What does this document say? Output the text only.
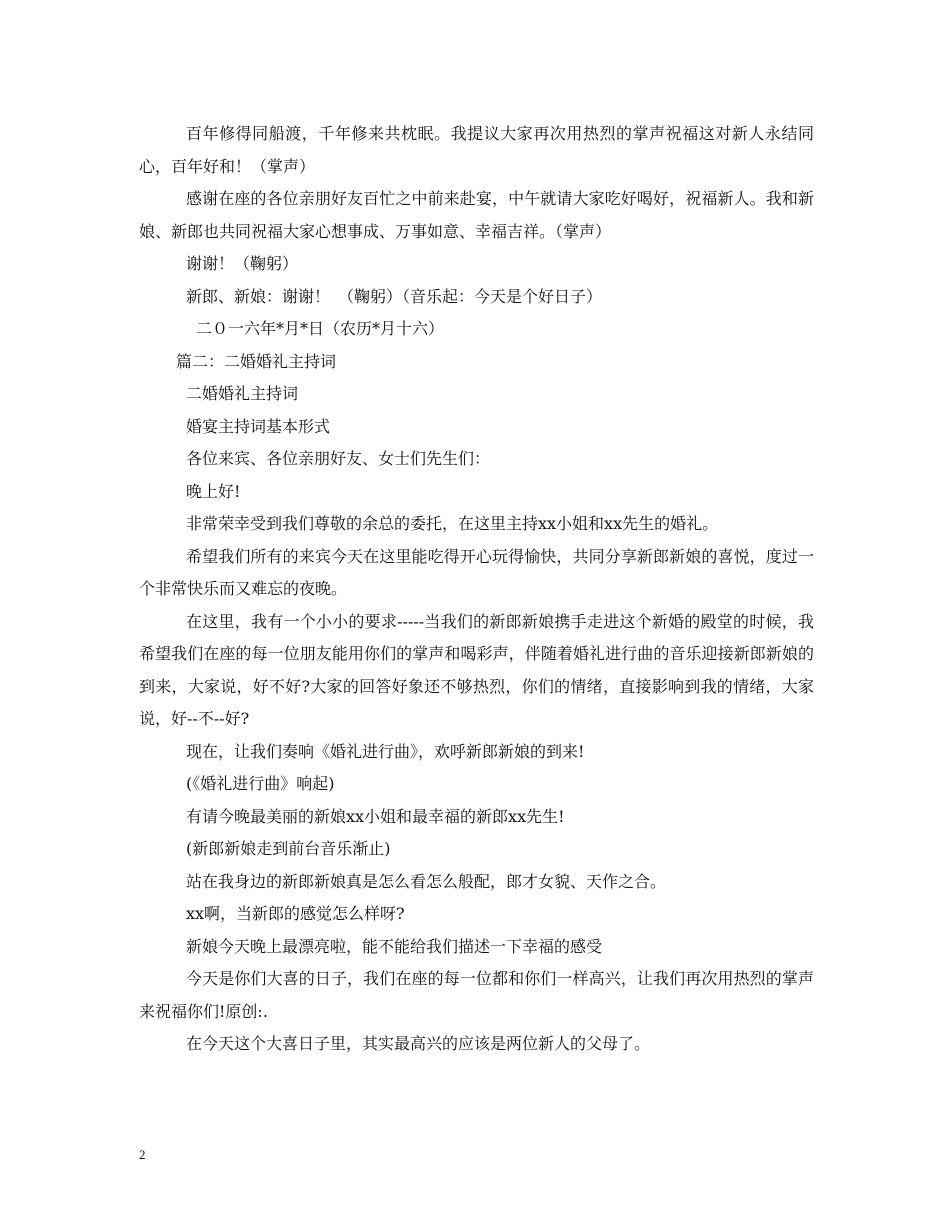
百年修得同船渡，千年修来共枕眠。我提议大家再次用热烈的掌声祝福这对新人永结同心，百年好和！（掌声）

感谢在座的各位亲朋好友百忙之中前来赴宴，中午就请大家吃好喝好，祝福新人。我和新娘、新郎也共同祝福大家心想事成、万事如意、幸福吉祥。（掌声）

谢谢！（鞠躬）

新郎、新娘：谢谢！　（鞠躬）（音乐起：今天是个好日子）

二０一六年*月*日（农历*月十六）

篇二：二婚婚礼主持词

二婚婚礼主持词

婚宴主持词基本形式

各位来宾、各位亲朋好友、女士们先生们：

晚上好!

非常荣幸受到我们尊敬的余总的委托，在这里主持xx小姐和xx先生的婚礼。

希望我们所有的来宾今天在这里能吃得开心玩得愉快，共同分享新郎新娘的喜悦，度过一个非常快乐而又难忘的夜晚。

在这里，我有一个小小的要求-----当我们的新郎新娘携手走进这个新婚的殿堂的时候，我希望我们在座的每一位朋友能用你们的掌声和喝彩声，伴随着婚礼进行曲的音乐迎接新郎新娘的到来，大家说，好不好?大家的回答好象还不够热烈，你们的情绪，直接影响到我的情绪，大家说，好--不--好?

现在，让我们奏响《婚礼进行曲》，欢呼新郎新娘的到来!

(《婚礼进行曲》响起)

有请今晚最美丽的新娘xx小姐和最幸福的新郎xx先生!

(新郎新娘走到前台音乐渐止)

站在我身边的新郎新娘真是怎么看怎么般配，郎才女貌、天作之合。

xx啊，当新郎的感觉怎么样呀?

新娘今天晚上最漂亮啦，能不能给我们描述一下幸福的感受

今天是你们大喜的日子，我们在座的每一位都和你们一样高兴，让我们再次用热烈的掌声来祝福你们!原创:.

在今天这个大喜日子里，其实最高兴的应该是两位新人的父母了。

2
